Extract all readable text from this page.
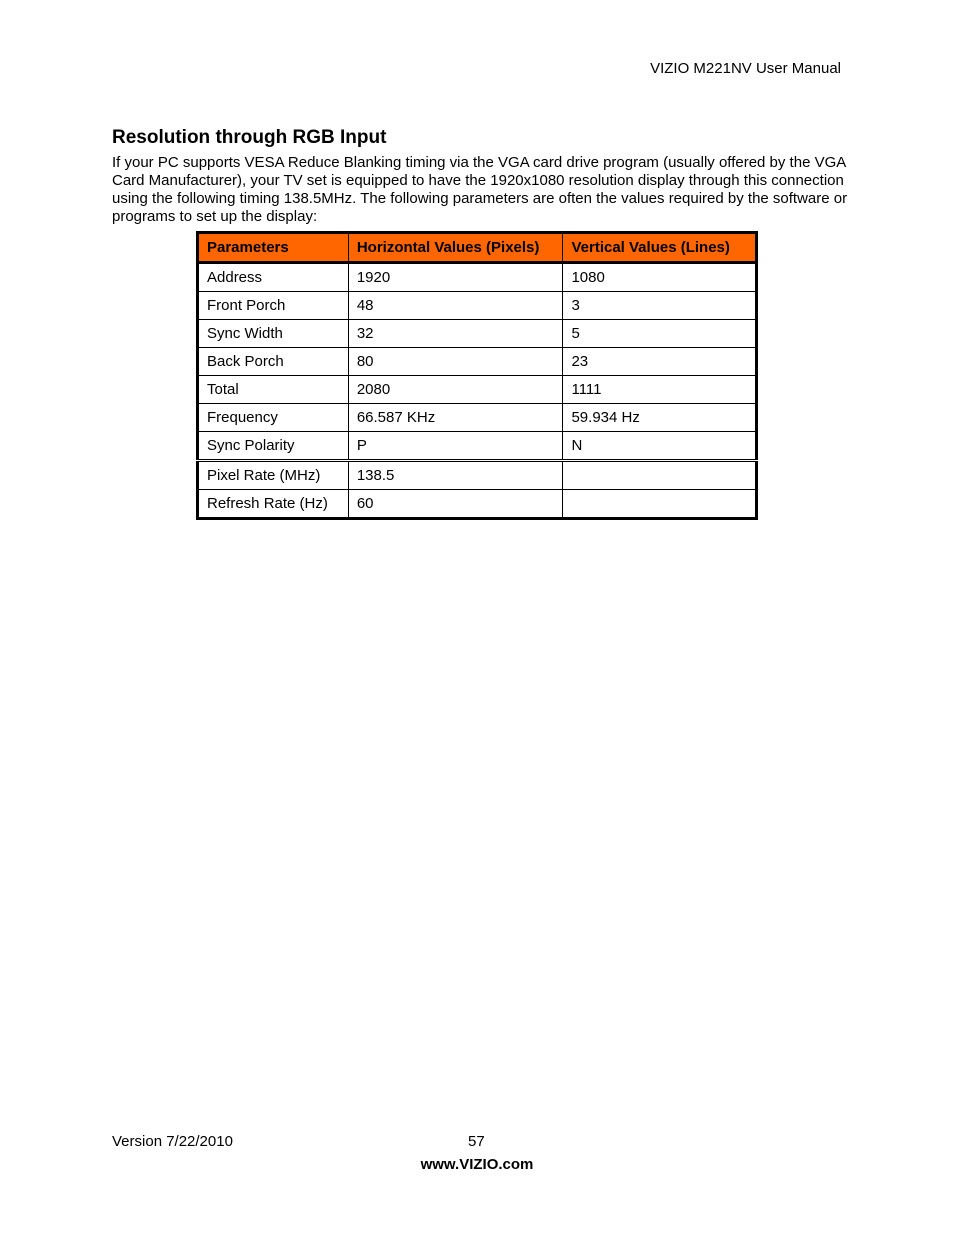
VIZIO M221NV User Manual
Resolution through RGB Input

If your PC supports VESA Reduce Blanking timing via the VGA card drive program (usually offered by the VGA Card Manufacturer), your TV set is equipped to have the 1920x1080 resolution display through this connection using the following timing 138.5MHz. The following parameters are often the values required by the software or programs to set up the display:

Parameters	Horizontal Values (Pixels)	Vertical Values (Lines)
Address	1920	1080
Front Porch	48	3
Sync Width	32	5
Back Porch	80	23
Total	2080	1111
Frequency	66.587 KHz	59.934 Hz
Sync Polarity	P	N
Pixel Rate (MHz)	138.5	
Refresh Rate (Hz)	60	
Version 7/22/2010	57
www.VIZIO.com
